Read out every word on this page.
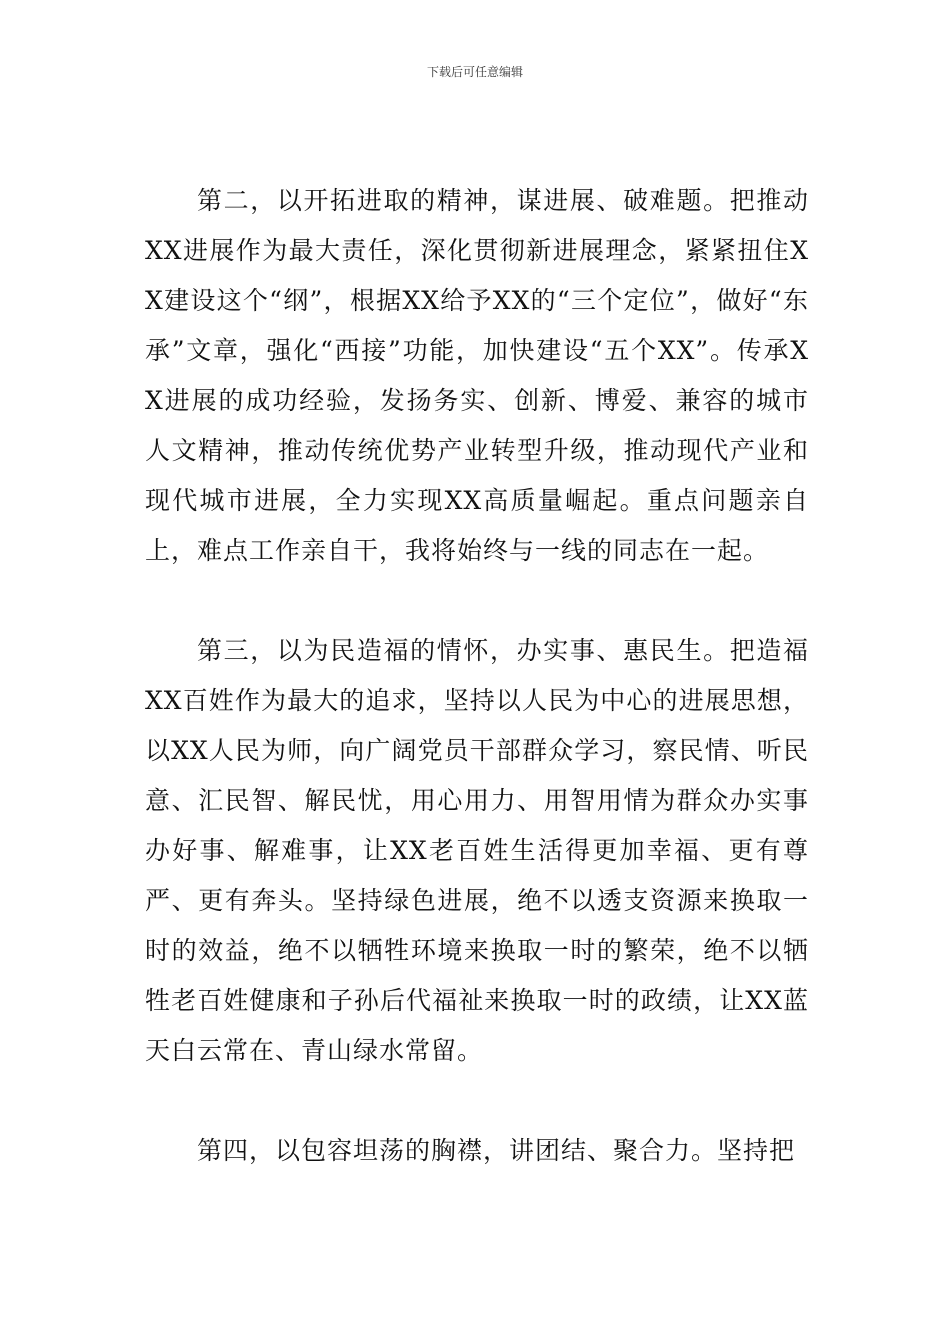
下载后可任意编辑

第二，以开拓进取的精神，谋进展、破难题。把推动XX进展作为最大责任，深化贯彻新进展理念，紧紧扭住XX建设这个“纲”，根据XX给予XX的“三个定位”，做好“东承”文章，强化“西接”功能，加快建设“五个XX”。传承XX进展的成功经验，发扬务实、创新、博爱、兼容的城市人文精神，推动传统优势产业转型升级，推动现代产业和现代城市进展，全力实现XX高质量崛起。重点问题亲自上，难点工作亲自干，我将始终与一线的同志在一起。

第三，以为民造福的情怀，办实事、惠民生。把造福XX百姓作为最大的追求，坚持以人民为中心的进展思想，以XX人民为师，向广阔党员干部群众学习，察民情、听民意、汇民智、解民忧，用心用力、用智用情为群众办实事办好事、解难事，让XX老百姓生活得更加幸福、更有尊严、更有奔头。坚持绿色进展，绝不以透支资源来换取一时的效益，绝不以牺牲环境来换取一时的繁荣，绝不以牺牲老百姓健康和子孙后代福祉来换取一时的政绩，让XX蓝天白云常在、青山绿水常留。

第四，以包容坦荡的胸襟，讲团结、聚合力。坚持把
